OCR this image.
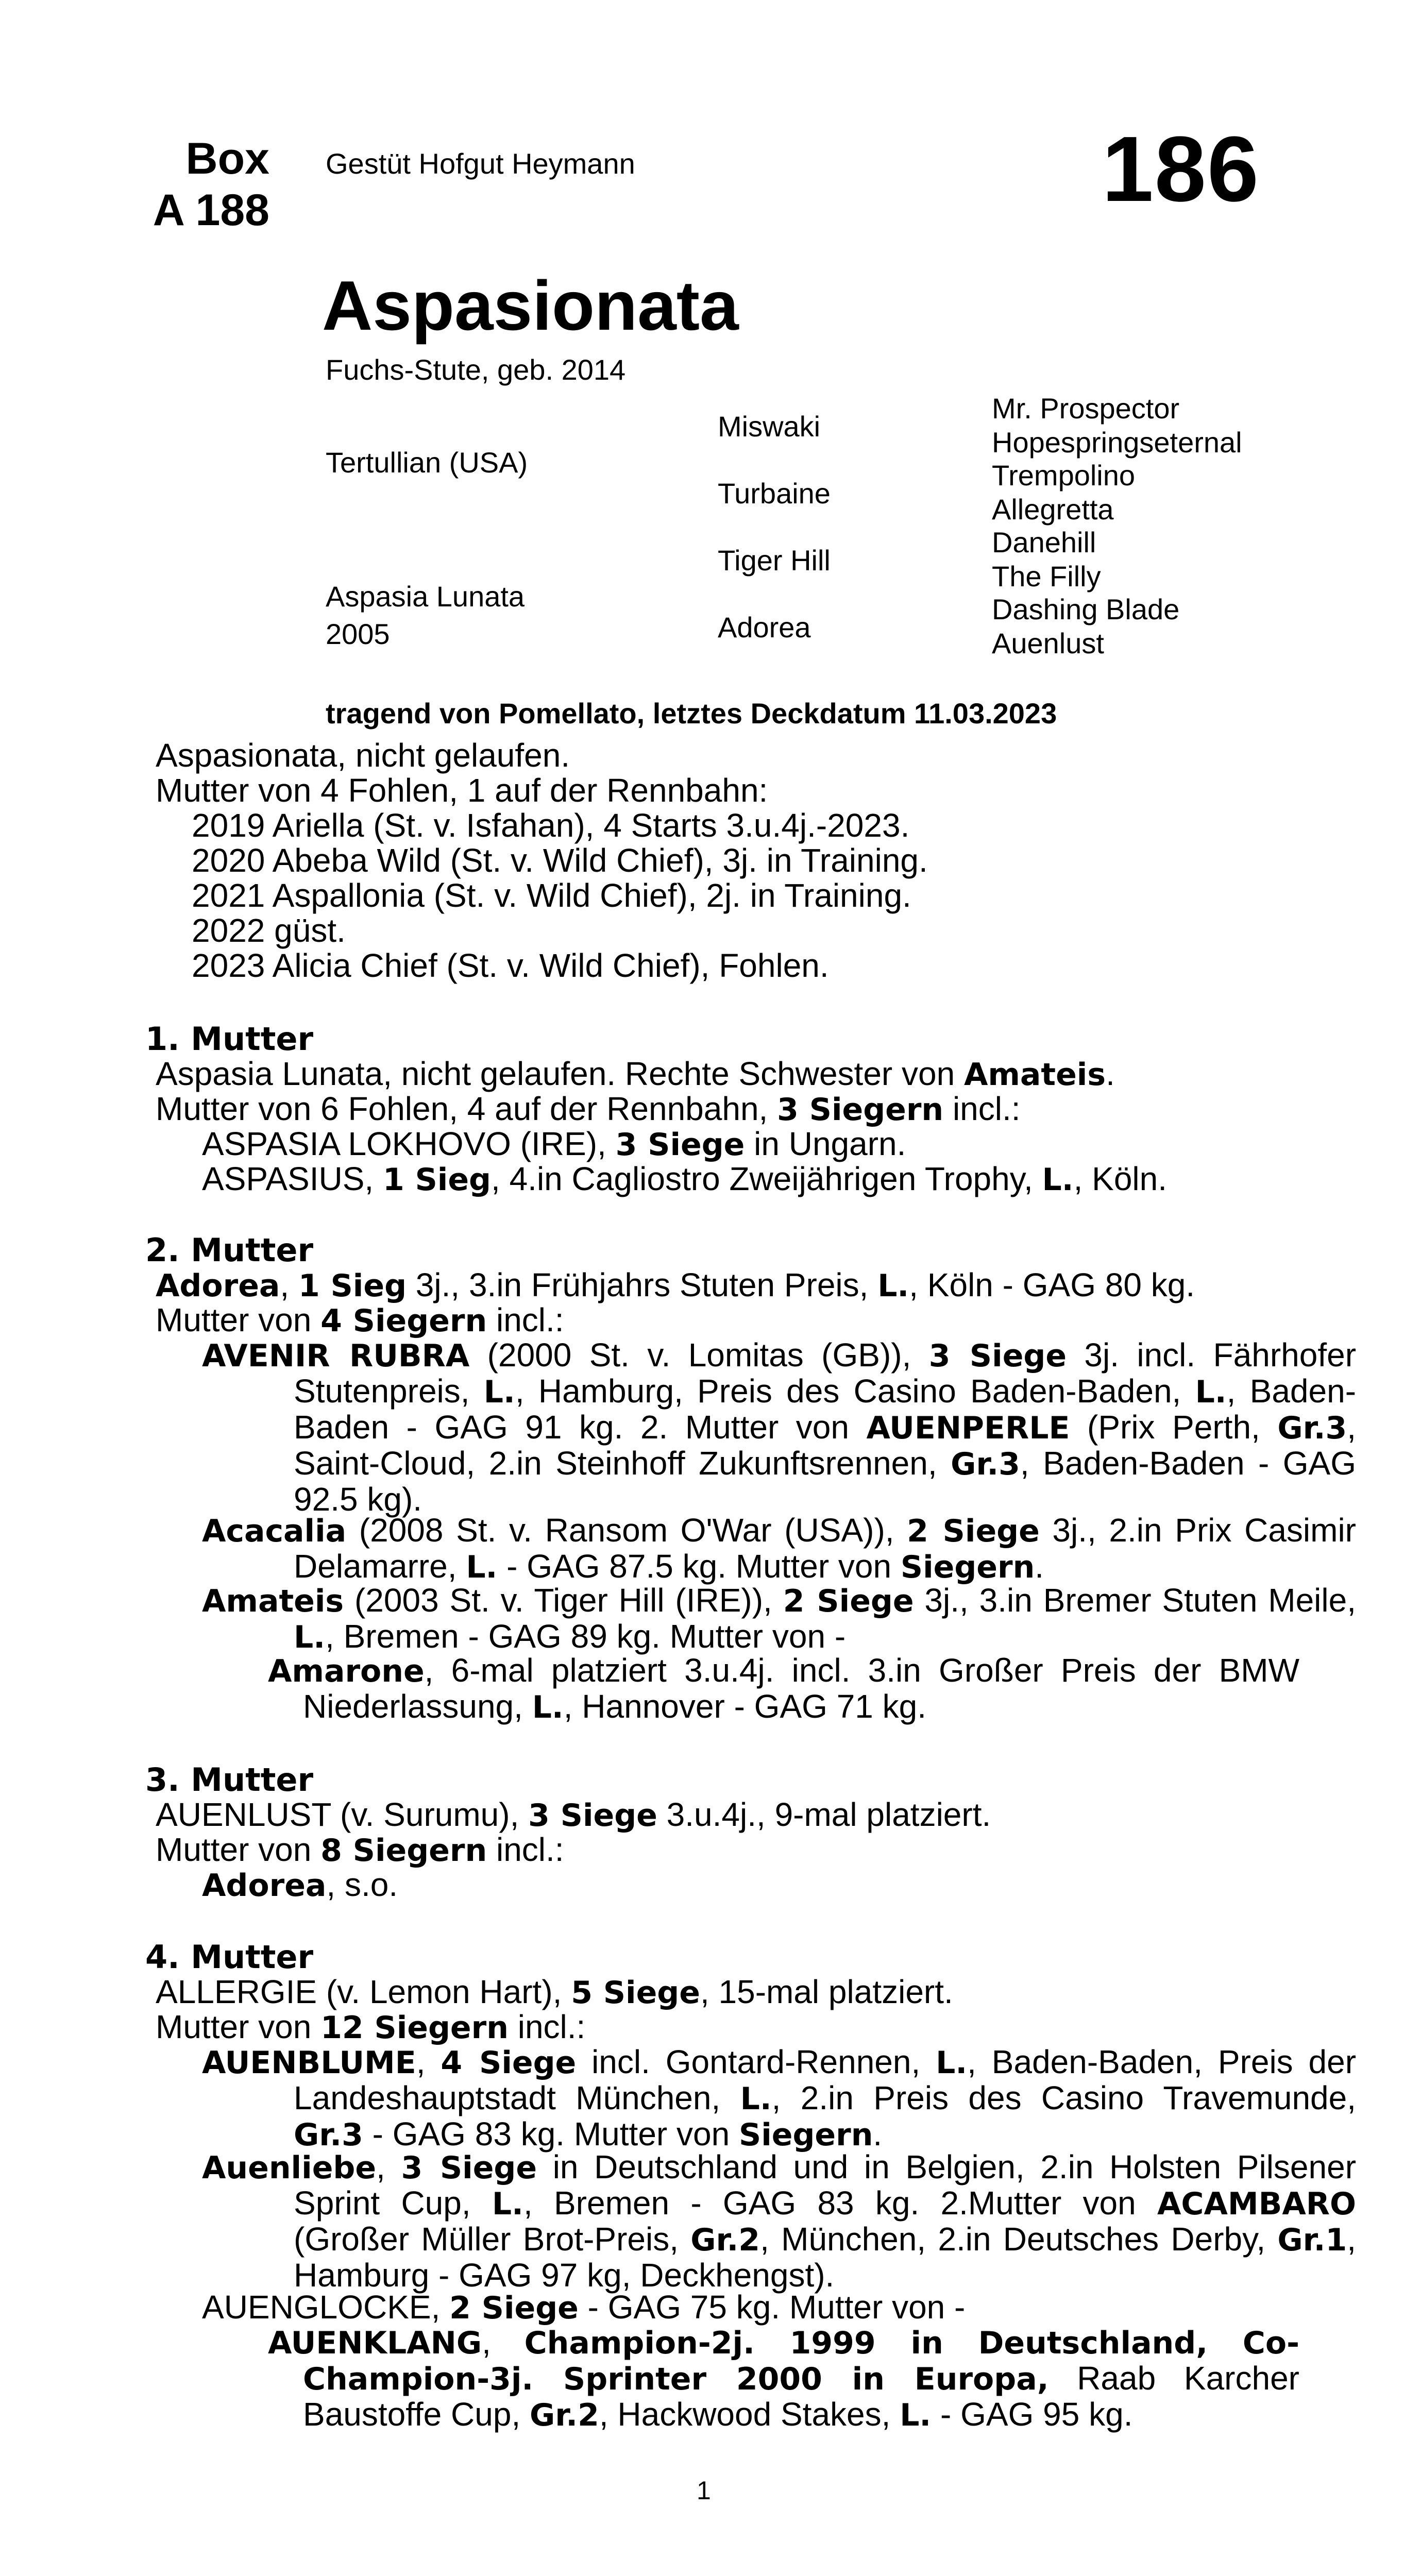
Box
A 188
Gestüt Hofgut Heymann	186
Aspasionata
Fuchs-Stute, geb. 2014
Tertullian (USA)
Aspasia Lunata
2005
Miswaki
Turbaine
Tiger Hill
Adorea
Mr. Prospector
Hopespringseternal
Trempolino
Allegretta
Danehill
The Filly
Dashing Blade
Auenlust
tragend von Pomellato, letztes Deckdatum 11.03.2023
Aspasionata, nicht gelaufen.
Mutter von 4 Fohlen, 1 auf der Rennbahn:
2019 Ariella (St. v. Isfahan), 4 Starts 3.u.4j.-2023.
2020 Abeba Wild (St. v. Wild Chief), 3j. in Training.
2021 Aspallonia (St. v. Wild Chief), 2j. in Training.
2022 güst.
2023 Alicia Chief (St. v. Wild Chief), Fohlen.
1. Mutter
Aspasia Lunata, nicht gelaufen. Rechte Schwester von Amateis.
Mutter von 6 Fohlen, 4 auf der Rennbahn, 3 Siegern incl.:
ASPASIA LOKHOVO (IRE), 3 Siege in Ungarn.
ASPASIUS, 1 Sieg, 4.in Cagliostro Zweijährigen Trophy, L., Köln.
2. Mutter
Adorea, 1 Sieg 3j., 3.in Frühjahrs Stuten Preis, L., Köln - GAG 80 kg.
Mutter von 4 Siegern incl.:
AVENIR RUBRA (2000 St. v. Lomitas (GB)), 3 Siege 3j. incl. Fährhofer Stutenpreis, L., Hamburg, Preis des Casino Baden-Baden, L., Baden-Baden - GAG 91 kg. 2. Mutter von AUENPERLE (Prix Perth, Gr.3, Saint-Cloud, 2.in Steinhoff Zukunftsrennen, Gr.3, Baden-Baden - GAG 92.5 kg).
Acacalia (2008 St. v. Ransom O'War (USA)), 2 Siege 3j., 2.in Prix Casimir Delamarre, L. - GAG 87.5 kg. Mutter von Siegern.
Amateis (2003 St. v. Tiger Hill (IRE)), 2 Siege 3j., 3.in Bremer Stuten Meile, L., Bremen - GAG 89 kg. Mutter von -
Amarone, 6-mal platziert 3.u.4j. incl. 3.in Großer Preis der BMW Niederlassung, L., Hannover - GAG 71 kg.
3. Mutter
AUENLUST (v. Surumu), 3 Siege 3.u.4j., 9-mal platziert.
Mutter von 8 Siegern incl.:
Adorea, s.o.
4. Mutter
ALLERGIE (v. Lemon Hart), 5 Siege, 15-mal platziert.
Mutter von 12 Siegern incl.:
AUENBLUME, 4 Siege incl. Gontard-Rennen, L., Baden-Baden, Preis der Landeshauptstadt München, L., 2.in Preis des Casino Travemunde, Gr.3 - GAG 83 kg. Mutter von Siegern.
Auenliebe, 3 Siege in Deutschland und in Belgien, 2.in Holsten Pilsener Sprint Cup, L., Bremen - GAG 83 kg. 2.Mutter von ACAMBARO (Großer Müller Brot-Preis, Gr.2, München, 2.in Deutsches Derby, Gr.1, Hamburg - GAG 97 kg, Deckhengst).
AUENGLOCKE, 2 Siege - GAG 75 kg. Mutter von -
AUENKLANG, Champion-2j. 1999 in Deutschland, Co-Champion-3j. Sprinter 2000 in Europa, Raab Karcher Baustoffe Cup, Gr.2, Hackwood Stakes, L. - GAG 95 kg.
1
